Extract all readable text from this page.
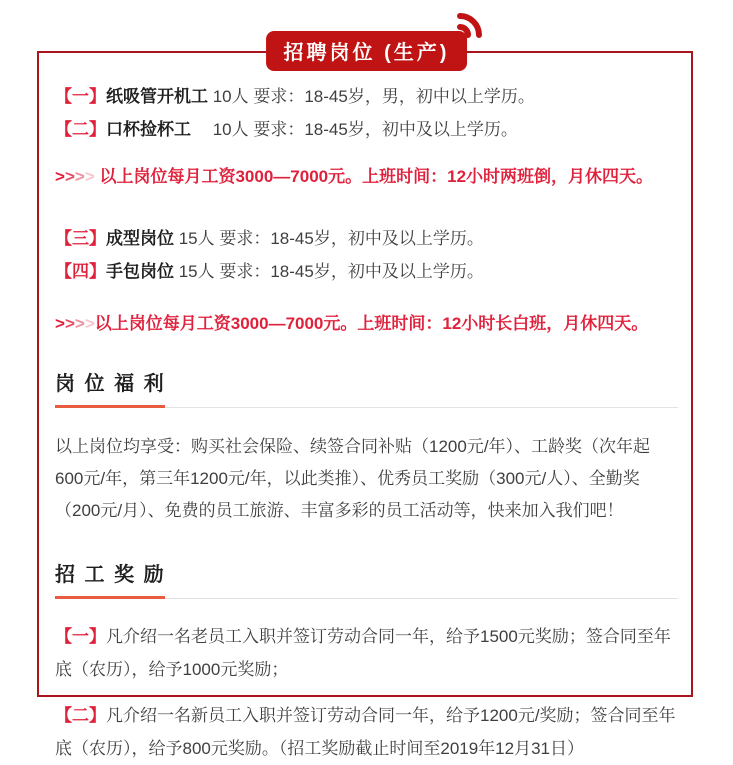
招聘岗位 (生产)
【一】纸吸管开机工 10人 要求：18-45岁，男，初中以上学历。
【二】口杯捡杯工　 10人 要求：18-45岁，初中及以上学历。
>>>> 以上岗位每月工资3000—7000元。上班时间：12小时两班倒，月休四天。
【三】成型岗位 15人 要求：18-45岁，初中及以上学历。
【四】手包岗位 15人 要求：18-45岁，初中及以上学历。
>>>>以上岗位每月工资3000—7000元。上班时间：12小时长白班，月休四天。
岗 位 福 利
以上岗位均享受：购买社会保险、续签合同补贴（1200元/年）、工龄奖（次年起600元/年，第三年1200元/年，以此类推）、优秀员工奖励（300元/人）、全勤奖（200元/月）、免费的员工旅游、丰富多彩的员工活动等，快来加入我们吧！
招 工 奖 励
【一】凡介绍一名老员工入职并签订劳动合同一年，给予1500元奖励；签合同至年底（农历），给予1000元奖励；
【二】凡介绍一名新员工入职并签订劳动合同一年，给予1200元/奖励；签合同至年底（农历），给予800元奖励。（招工奖励截止时间至2019年12月31日）
